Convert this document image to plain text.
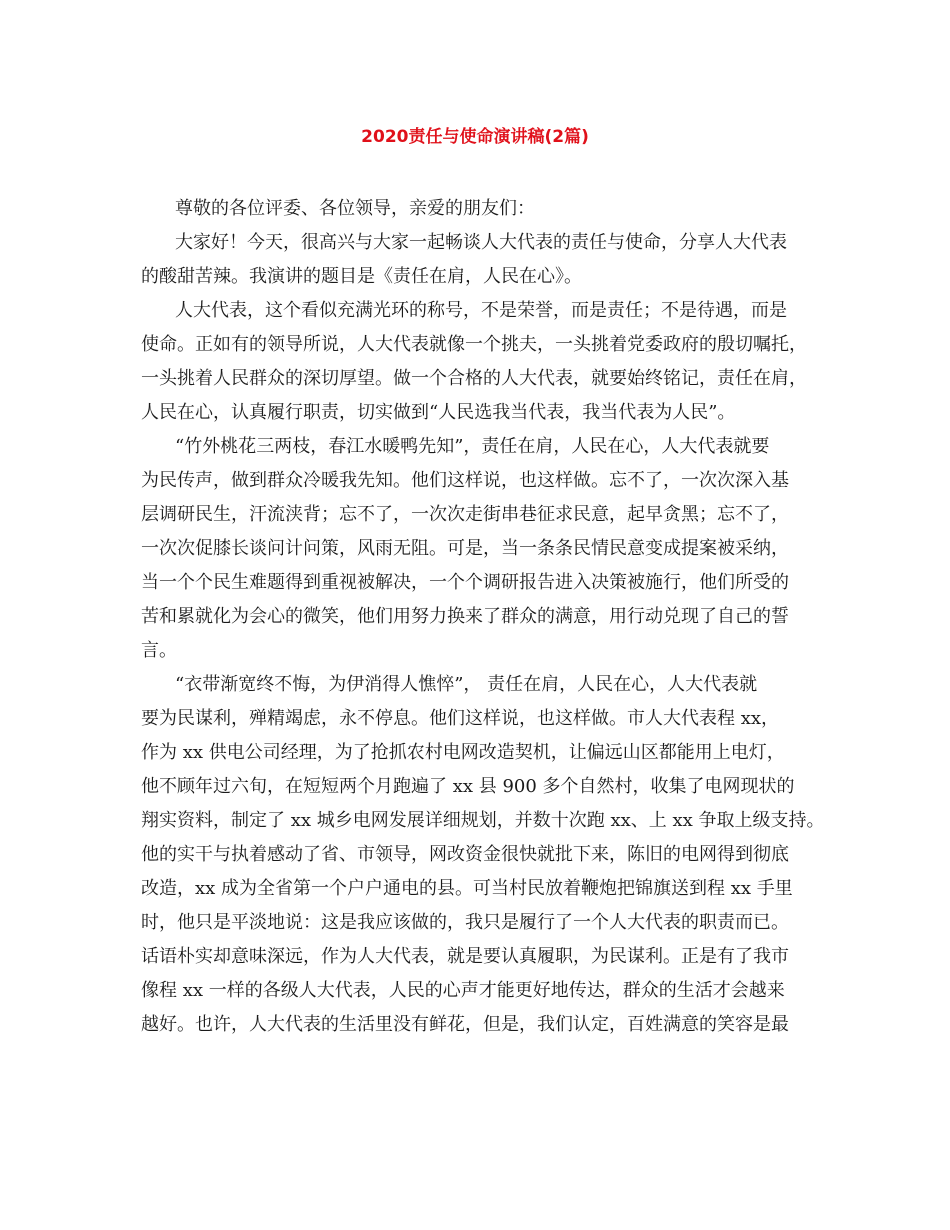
2020责任与使命演讲稿(2篇)
尊敬的各位评委、各位领导，亲爱的朋友们：
大家好！今天，很高兴与大家一起畅谈人大代表的责任与使命，分享人大代表
的酸甜苦辣。我演讲的题目是《责任在肩，人民在心》。
人大代表，这个看似充满光环的称号，不是荣誉，而是责任；不是待遇，而是
使命。正如有的领导所说，人大代表就像一个挑夫，一头挑着党委政府的殷切嘱托，
一头挑着人民群众的深切厚望。做一个合格的人大代表，就要始终铭记，责任在肩，
人民在心，认真履行职责，切实做到“人民选我当代表，我当代表为人民”。
“竹外桃花三两枝，春江水暖鸭先知”，责任在肩，人民在心，人大代表就要
为民传声，做到群众冷暖我先知。他们这样说，也这样做。忘不了，一次次深入基
层调研民生，汗流浃背；忘不了，一次次走街串巷征求民意，起早贪黑；忘不了，
一次次促膝长谈问计问策，风雨无阻。可是，当一条条民情民意变成提案被采纳，
当一个个民生难题得到重视被解决，一个个调研报告进入决策被施行，他们所受的
苦和累就化为会心的微笑，他们用努力换来了群众的满意，用行动兑现了自己的誓
言。
“衣带渐宽终不悔，为伊消得人憔悴”， 责任在肩，人民在心，人大代表就
要为民谋利，殚精竭虑，永不停息。他们这样说，也这样做。市人大代表程 xx，
作为 xx 供电公司经理，为了抢抓农村电网改造契机，让偏远山区都能用上电灯，
他不顾年过六旬，在短短两个月跑遍了 xx 县 900 多个自然村，收集了电网现状的
翔实资料，制定了 xx 城乡电网发展详细规划，并数十次跑 xx、上 xx 争取上级支持。
他的实干与执着感动了省、市领导，网改资金很快就批下来，陈旧的电网得到彻底
改造，xx 成为全省第一个户户通电的县。可当村民放着鞭炮把锦旗送到程 xx 手里
时，他只是平淡地说：这是我应该做的，我只是履行了一个人大代表的职责而已。
话语朴实却意味深远，作为人大代表，就是要认真履职，为民谋利。正是有了我市
像程 xx 一样的各级人大代表，人民的心声才能更好地传达，群众的生活才会越来
越好。也许，人大代表的生活里没有鲜花，但是，我们认定，百姓满意的笑容是最
